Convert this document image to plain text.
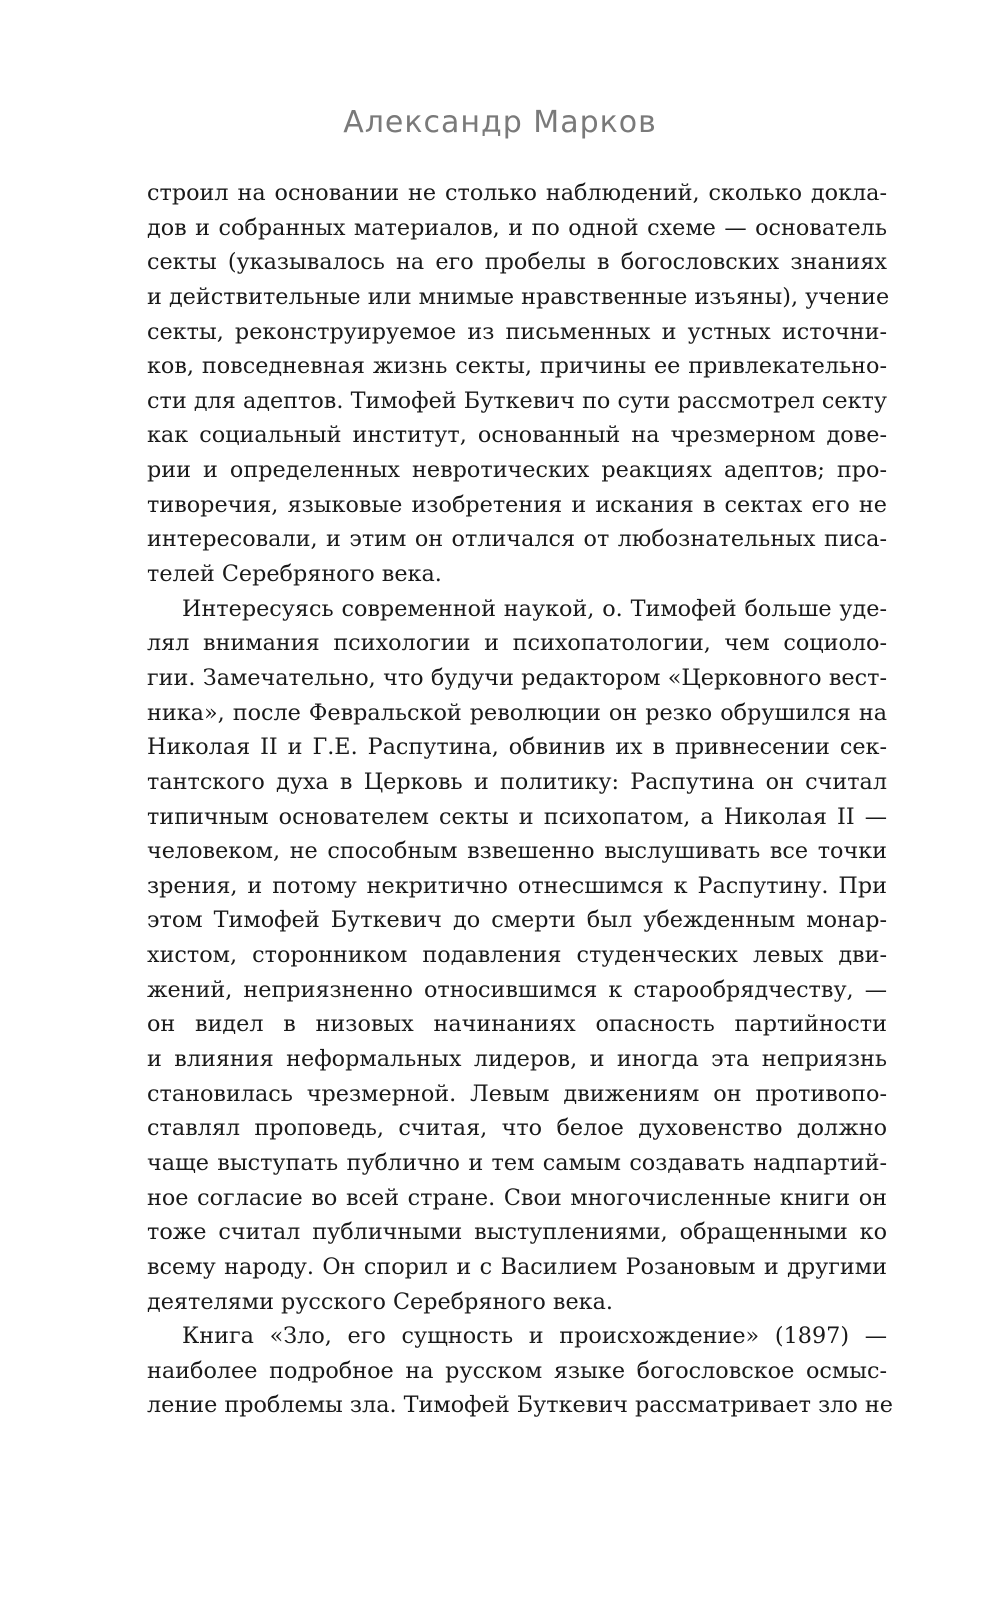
Александр Марков
строил на основании не столько наблюдений, сколько докла-
дов и собранных материалов, и по одной схеме — основатель
секты (указывалось на его пробелы в богословских знаниях
и действительные или мнимые нравственные изъяны), учение
секты, реконструируемое из письменных и устных источни-
ков, повседневная жизнь секты, причины ее привлекательно-
сти для адептов. Тимофей Буткевич по сути рассмотрел секту
как социальный институт, основанный на чрезмерном дове-
рии и определенных невротических реакциях адептов; про-
тиворечия, языковые изобретения и искания в сектах его не
интересовали, и этим он отличался от любознательных писа-
телей Серебряного века.
Интересуясь современной наукой, о. Тимофей больше уде-
лял внимания психологии и психопатологии, чем социоло-
гии. Замечательно, что будучи редактором «Церковного вест-
ника», после Февральской революции он резко обрушился на
Николая II и Г.Е. Распутина, обвинив их в привнесении сек-
тантского духа в Церковь и политику: Распутина он считал
типичным основателем секты и психопатом, а Николая II —
человеком, не способным взвешенно выслушивать все точки
зрения, и потому некритично отнесшимся к Распутину. При
этом Тимофей Буткевич до смерти был убежденным монар-
хистом, сторонником подавления студенческих левых дви-
жений, неприязненно относившимся к старообрядчеству, —
он видел в низовых начинаниях опасность партийности
и влияния неформальных лидеров, и иногда эта неприязнь
становилась чрезмерной. Левым движениям он противопо-
ставлял проповедь, считая, что белое духовенство должно
чаще выступать публично и тем самым создавать надпартий-
ное согласие во всей стране. Свои многочисленные книги он
тоже считал публичными выступлениями, обращенными ко
всему народу. Он спорил и с Василием Розановым и другими
деятелями русского Серебряного века.
Книга «Зло, его сущность и происхождение» (1897) —
наиболее подробное на русском языке богословское осмыс-
ление проблемы зла. Тимофей Буткевич рассматривает зло не
